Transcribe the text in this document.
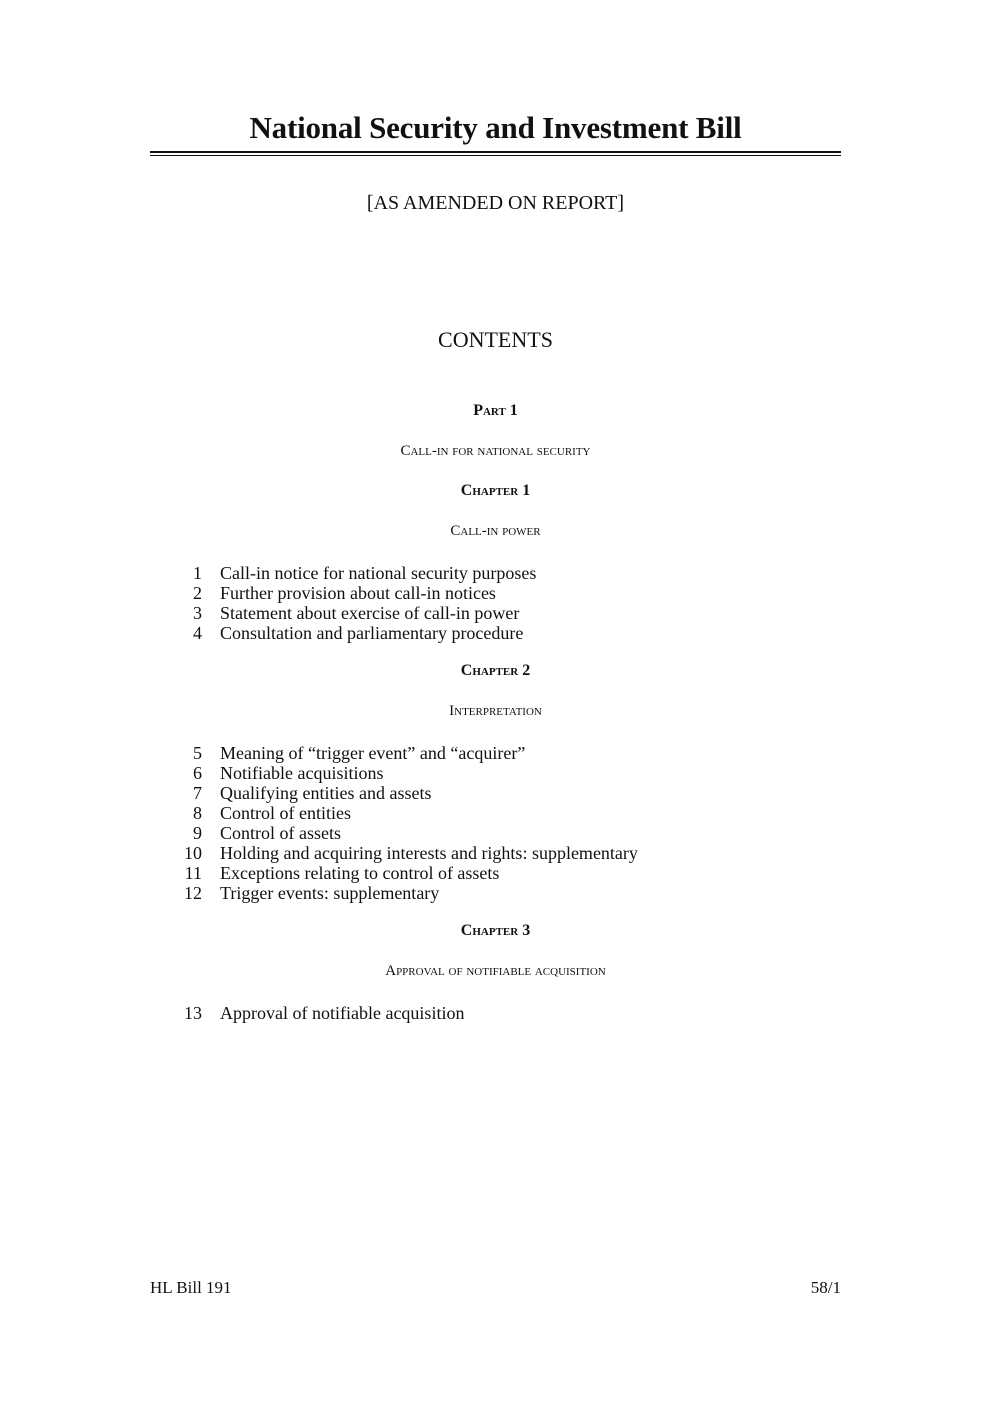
National Security and Investment Bill
[AS AMENDED ON REPORT]
CONTENTS
Part 1
Call-in for national security
Chapter 1
Call-in power
1	Call-in notice for national security purposes
2	Further provision about call-in notices
3	Statement about exercise of call-in power
4	Consultation and parliamentary procedure
Chapter 2
Interpretation
5	Meaning of “trigger event” and “acquirer”
6	Notifiable acquisitions
7	Qualifying entities and assets
8	Control of entities
9	Control of assets
10	Holding and acquiring interests and rights: supplementary
11	Exceptions relating to control of assets
12	Trigger events: supplementary
Chapter 3
Approval of notifiable acquisition
13	Approval of notifiable acquisition
HL Bill 191	58/1
